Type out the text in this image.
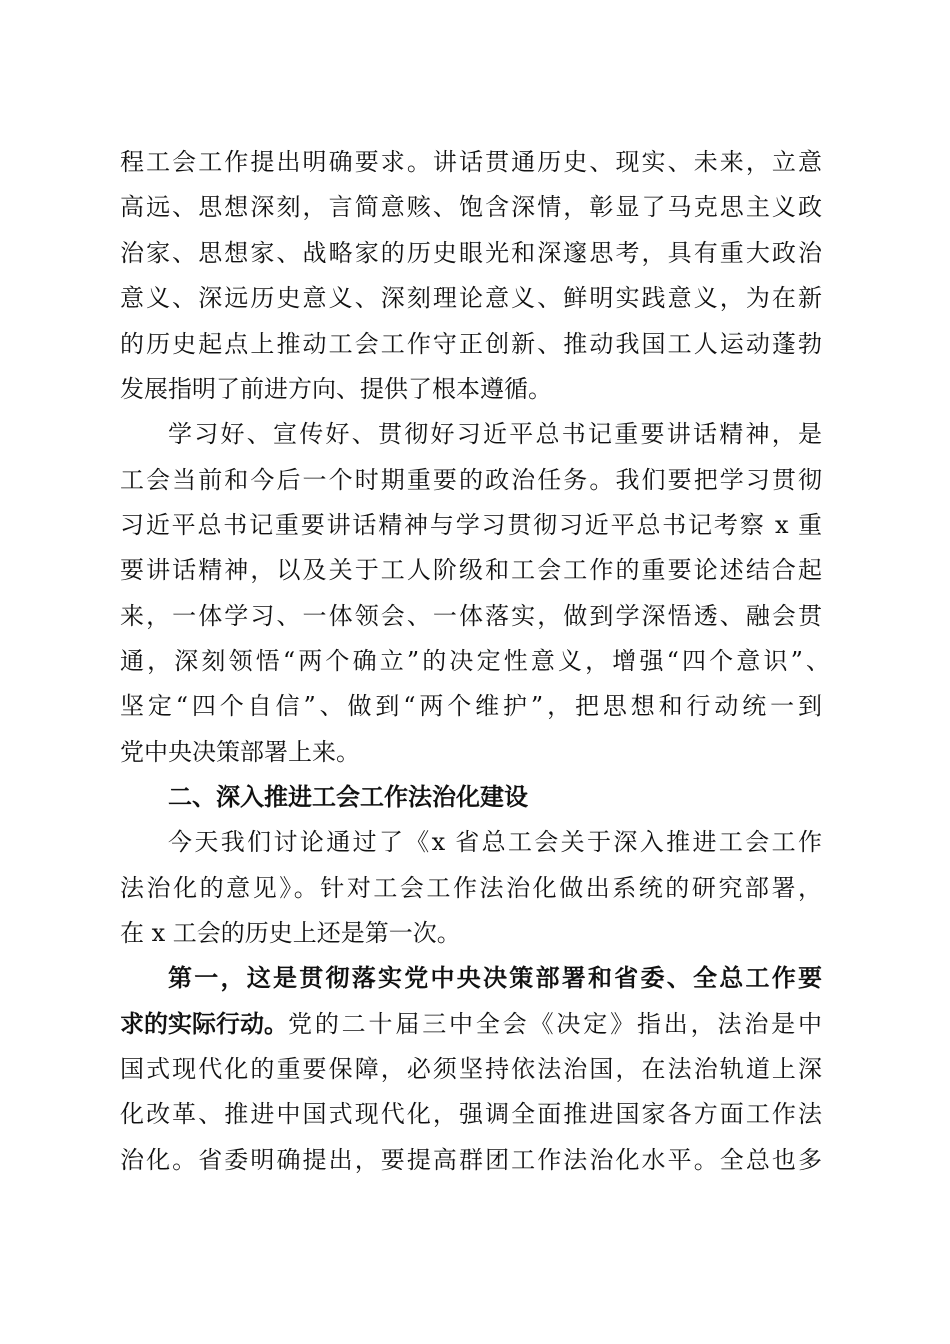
程工会工作提出明确要求。讲话贯通历史、现实、未来，立意
高远、思想深刻，言简意赅、饱含深情，彰显了马克思主义政
治家、思想家、战略家的历史眼光和深邃思考，具有重大政治
意义、深远历史意义、深刻理论意义、鲜明实践意义，为在新
的历史起点上推动工会工作守正创新、推动我国工人运动蓬勃
发展指明了前进方向、提供了根本遵循。
学习好、宣传好、贯彻好习近平总书记重要讲话精神，是
工会当前和今后一个时期重要的政治任务。我们要把学习贯彻
习近平总书记重要讲话精神与学习贯彻习近平总书记考察 x 重
要讲话精神，以及关于工人阶级和工会工作的重要论述结合起
来，一体学习、一体领会、一体落实，做到学深悟透、融会贯
通，深刻领悟“两个确立”的决定性意义，增强“四个意识”、
坚定“四个自信”、做到“两个维护”，把思想和行动统一到
党中央决策部署上来。
二、深入推进工会工作法治化建设
今天我们讨论通过了《x 省总工会关于深入推进工会工作
法治化的意见》。针对工会工作法治化做出系统的研究部署，
在 x 工会的历史上还是第一次。
第一，这是贯彻落实党中央决策部署和省委、全总工作要
求的实际行动。 党的二十届三中全会《决定》指出，法治是中
国式现代化的重要保障，必须坚持依法治国，在法治轨道上深
化改革、推进中国式现代化，强调全面推进国家各方面工作法
治化。省委明确提出，要提高群团工作法治化水平。全总也多
